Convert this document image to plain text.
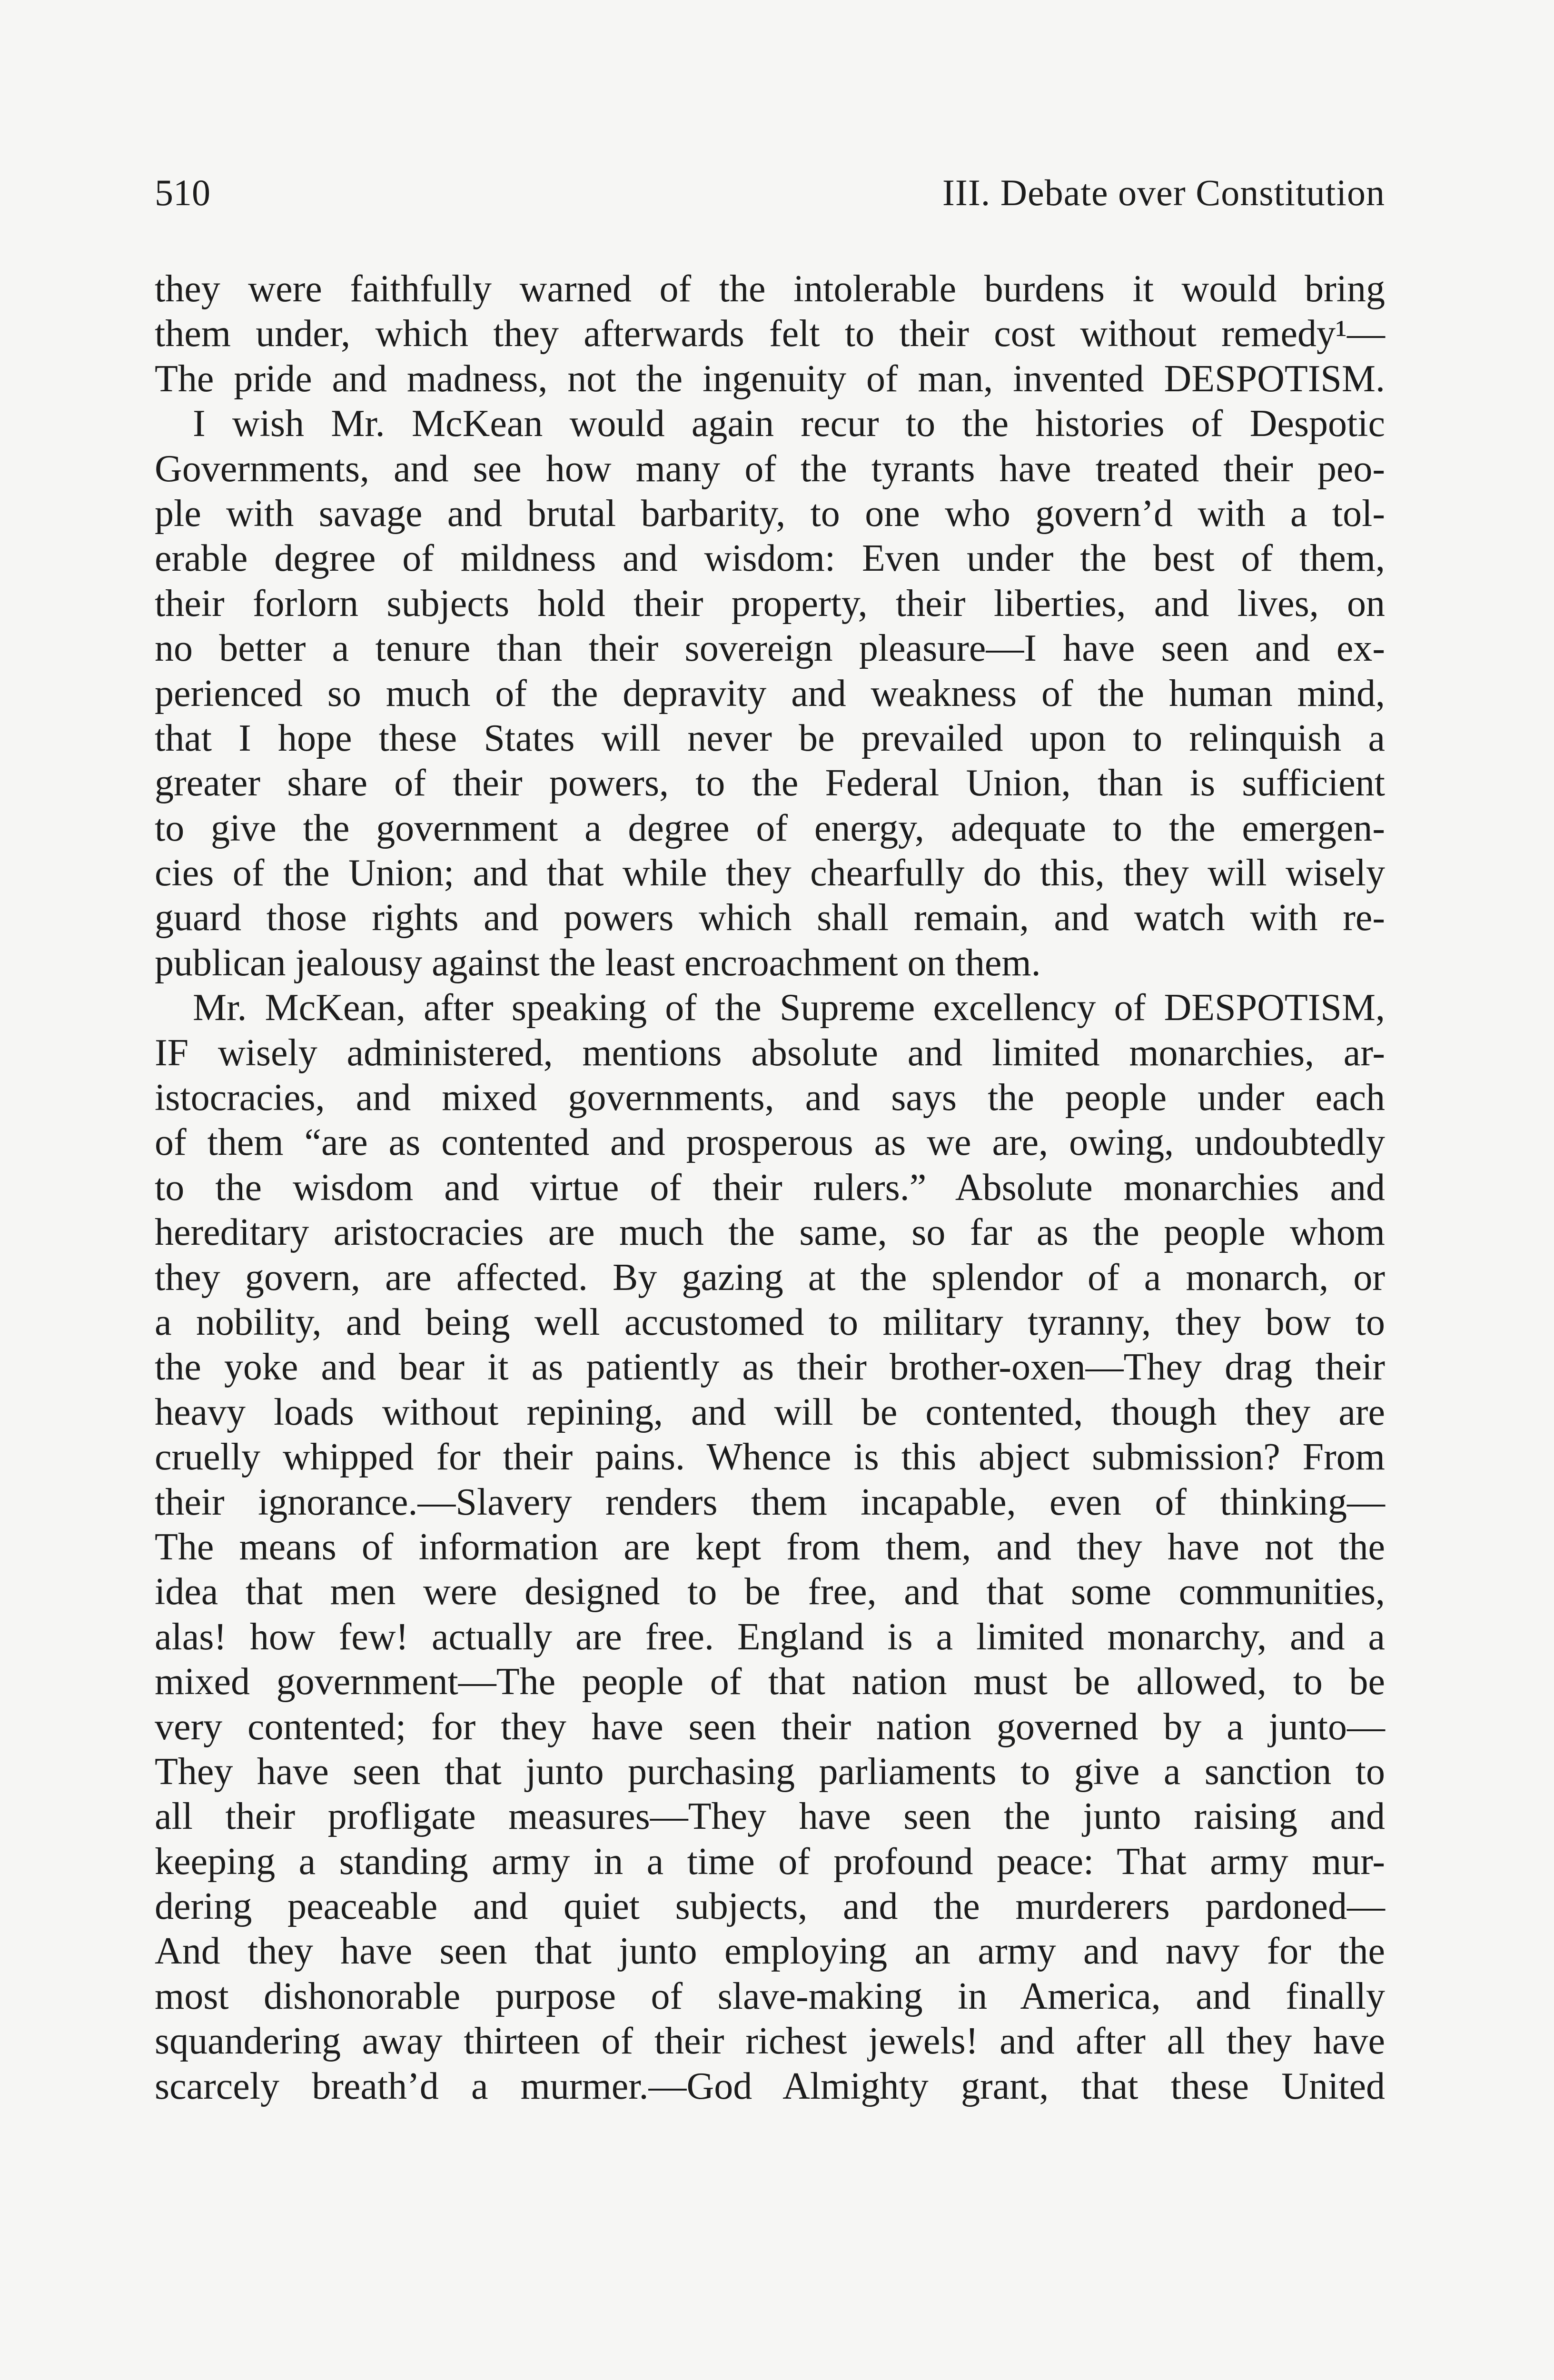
510	III. Debate over Constitution
they were faithfully warned of the intolerable burdens it would bring
them under, which they afterwards felt to their cost without remedy¹—
The pride and madness, not the ingenuity of man, invented DESPOTISM.
I wish Mr. McKean would again recur to the histories of Despotic
Governments, and see how many of the tyrants have treated their peo-
ple with savage and brutal barbarity, to one who govern’d with a tol-
erable degree of mildness and wisdom: Even under the best of them,
their forlorn subjects hold their property, their liberties, and lives, on
no better a tenure than their sovereign pleasure—I have seen and ex-
perienced so much of the depravity and weakness of the human mind,
that I hope these States will never be prevailed upon to relinquish a
greater share of their powers, to the Federal Union, than is sufficient
to give the government a degree of energy, adequate to the emergen-
cies of the Union; and that while they chearfully do this, they will wisely
guard those rights and powers which shall remain, and watch with re-
publican jealousy against the least encroachment on them.
Mr. McKean, after speaking of the Supreme excellency of DESPOTISM,
IF wisely administered, mentions absolute and limited monarchies, ar-
istocracies, and mixed governments, and says the people under each
of them “are as contented and prosperous as we are, owing, undoubtedly
to the wisdom and virtue of their rulers.” Absolute monarchies and
hereditary aristocracies are much the same, so far as the people whom
they govern, are affected. By gazing at the splendor of a monarch, or
a nobility, and being well accustomed to military tyranny, they bow to
the yoke and bear it as patiently as their brother-oxen—They drag their
heavy loads without repining, and will be contented, though they are
cruelly whipped for their pains. Whence is this abject submission? From
their ignorance.—Slavery renders them incapable, even of thinking—
The means of information are kept from them, and they have not the
idea that men were designed to be free, and that some communities,
alas! how few! actually are free. England is a limited monarchy, and a
mixed government—The people of that nation must be allowed, to be
very contented; for they have seen their nation governed by a junto—
They have seen that junto purchasing parliaments to give a sanction to
all their profligate measures—They have seen the junto raising and
keeping a standing army in a time of profound peace: That army mur-
dering peaceable and quiet subjects, and the murderers pardoned—
And they have seen that junto employing an army and navy for the
most dishonorable purpose of slave-making in America, and finally
squandering away thirteen of their richest jewels! and after all they have
scarcely breath’d a murmer.—God Almighty grant, that these United
